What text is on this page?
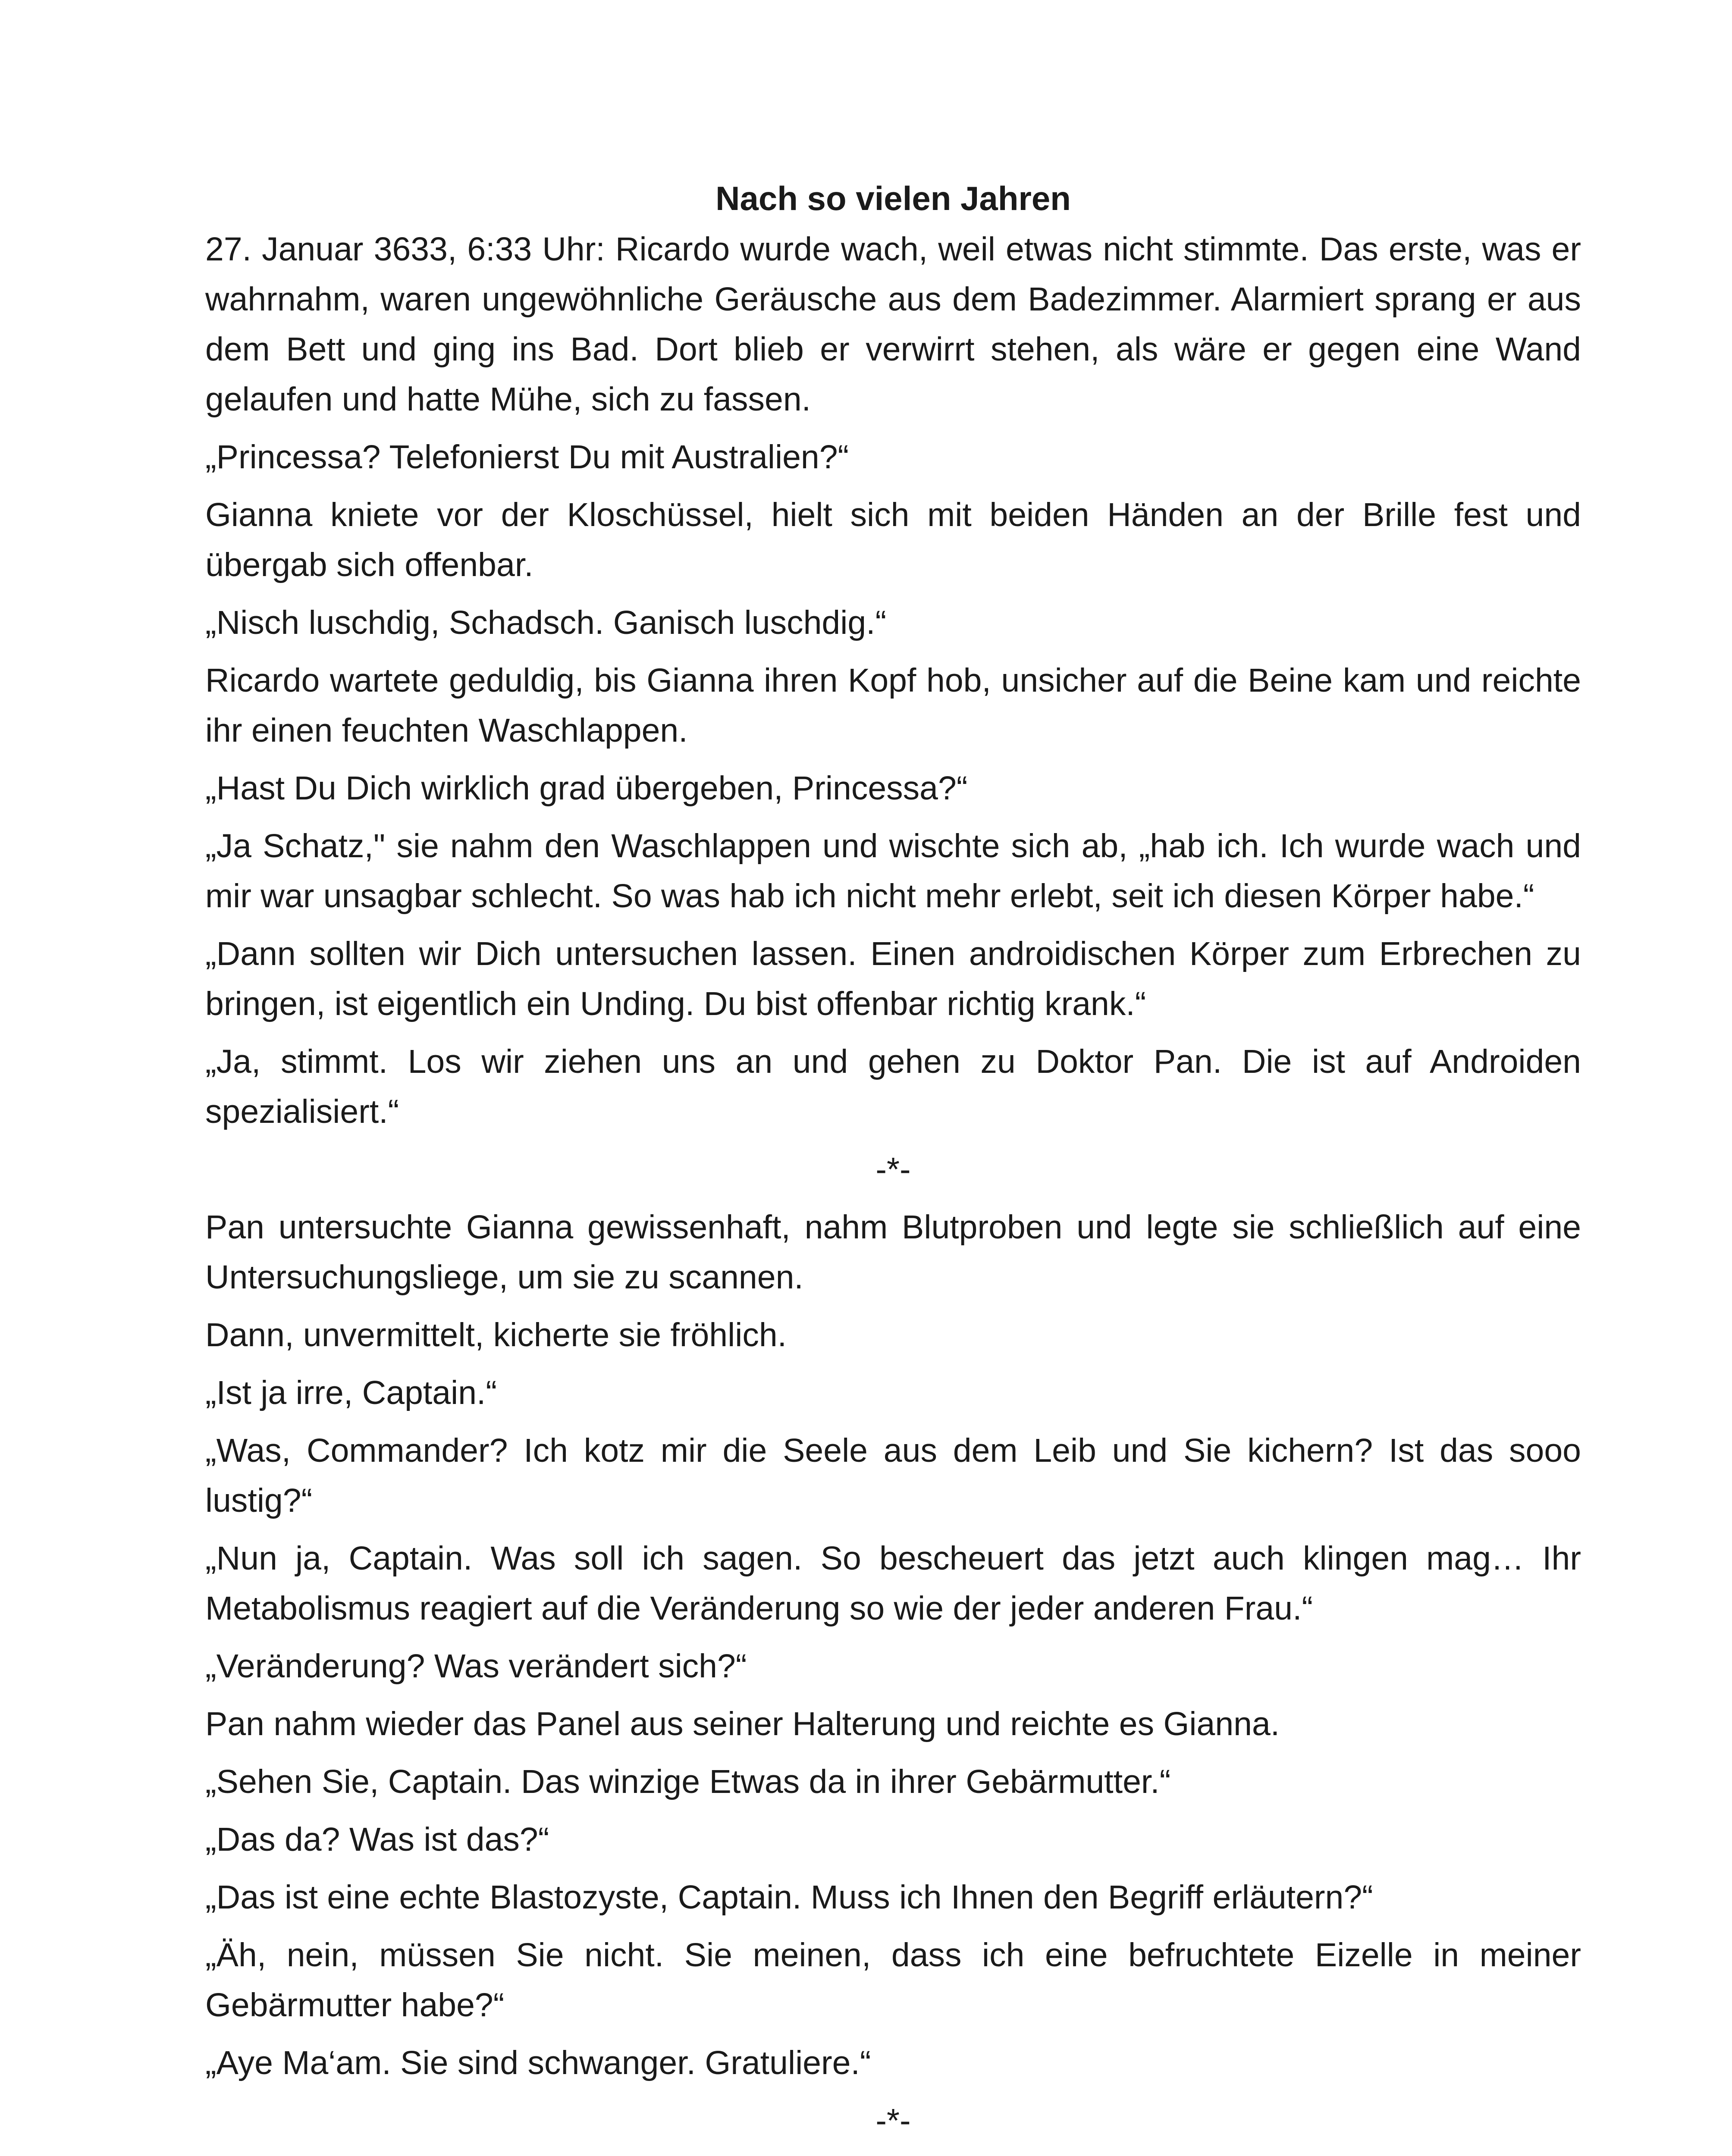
Nach so vielen Jahren

27. Januar 3633, 6:33 Uhr: Ricardo wurde wach, weil etwas nicht stimmte. Das erste, was er wahrnahm, waren ungewöhnliche Geräusche aus dem Badezimmer. Alarmiert sprang er aus dem Bett und ging ins Bad. Dort blieb er verwirrt stehen, als wäre er gegen eine Wand gelaufen und hatte Mühe, sich zu fassen.

„Princessa? Telefonierst Du mit Australien?“

Gianna kniete vor der Kloschüssel, hielt sich mit beiden Händen an der Brille fest und übergab sich offenbar.

„Nisch luschdig, Schadsch. Ganisch luschdig.“

Ricardo wartete geduldig, bis Gianna ihren Kopf hob, unsicher auf die Beine kam und reichte ihr einen feuchten Waschlappen.

„Hast Du Dich wirklich grad übergeben, Princessa?“

„Ja Schatz," sie nahm den Waschlappen und wischte sich ab, „hab ich. Ich wurde wach und mir war unsagbar schlecht. So was hab ich nicht mehr erlebt, seit ich diesen Körper habe.“

„Dann sollten wir Dich untersuchen lassen. Einen androidischen Körper zum Erbrechen zu bringen, ist eigentlich ein Unding. Du bist offenbar richtig krank.“

„Ja, stimmt. Los wir ziehen uns an und gehen zu Doktor Pan. Die ist auf Androiden spezialisiert.“

-*-

Pan untersuchte Gianna gewissenhaft, nahm Blutproben und legte sie schließlich auf eine Untersuchungsliege, um sie zu scannen.

Dann, unvermittelt, kicherte sie fröhlich.

„Ist ja irre, Captain.“

„Was, Commander? Ich kotz mir die Seele aus dem Leib und Sie kichern? Ist das sooo lustig?“

„Nun ja, Captain. Was soll ich sagen. So bescheuert das jetzt auch klingen mag… Ihr Metabolismus reagiert auf die Veränderung so wie der jeder anderen Frau.“

„Veränderung? Was verändert sich?“

Pan nahm wieder das Panel aus seiner Halterung und reichte es Gianna.

„Sehen Sie, Captain. Das winzige Etwas da in ihrer Gebärmutter.“

„Das da? Was ist das?“

„Das ist eine echte Blastozyste, Captain. Muss ich Ihnen den Begriff erläutern?“

„Äh, nein, müssen Sie nicht. Sie meinen, dass ich eine befruchtete Eizelle in meiner Gebärmutter habe?“

„Aye Ma‘am. Sie sind schwanger. Gratuliere.“

-*-
